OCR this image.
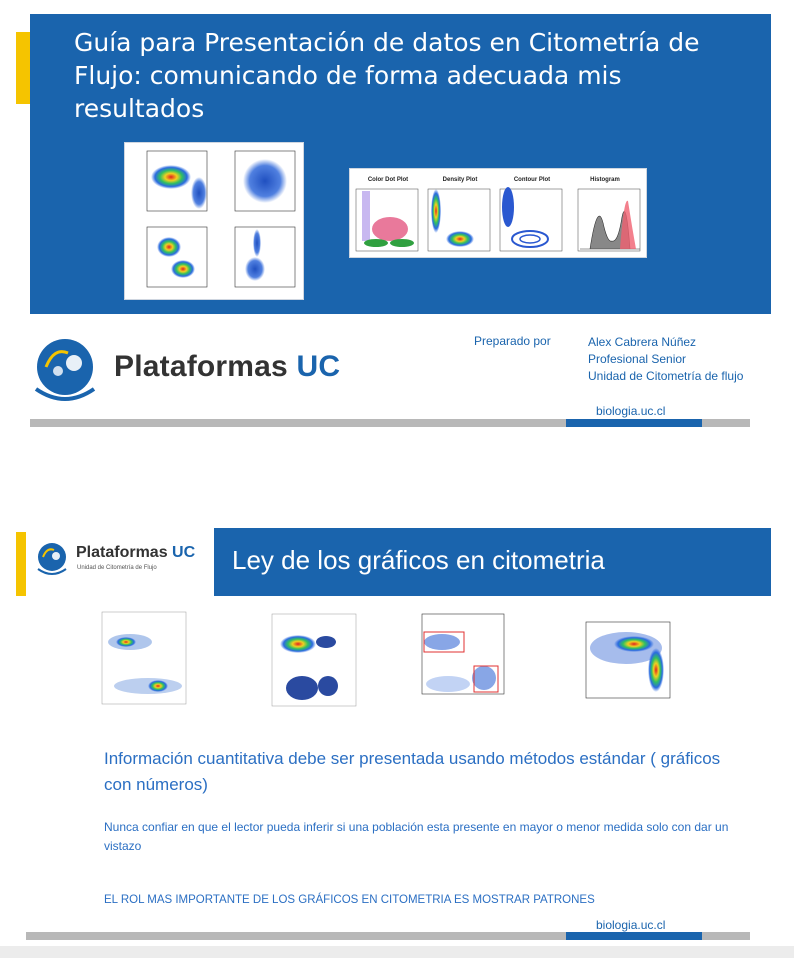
Guía para Presentación de datos en Citometría de Flujo: comunicando de forma adecuada mis resultados
Color Dot Plot	Density Plot	Contour Plot	Histogram
Plataformas UC
Preparado por	Alex Cabrera Núñez
Profesional Senior
Unidad de Citometría de flujo
biologia.uc.cl
Plataformas UC
Unidad de Citometría de Flujo	Ley de los gráficos en citometria
Información cuantitativa debe ser presentada usando métodos estándar ( gráficos con números)
Nunca confiar en que el lector pueda inferir si una población esta presente en mayor o menor medida solo con dar un vistazo
EL ROL MAS IMPORTANTE DE LOS GRÁFICOS EN CITOMETRIA ES MOSTRAR PATRONES
biologia.uc.cl
